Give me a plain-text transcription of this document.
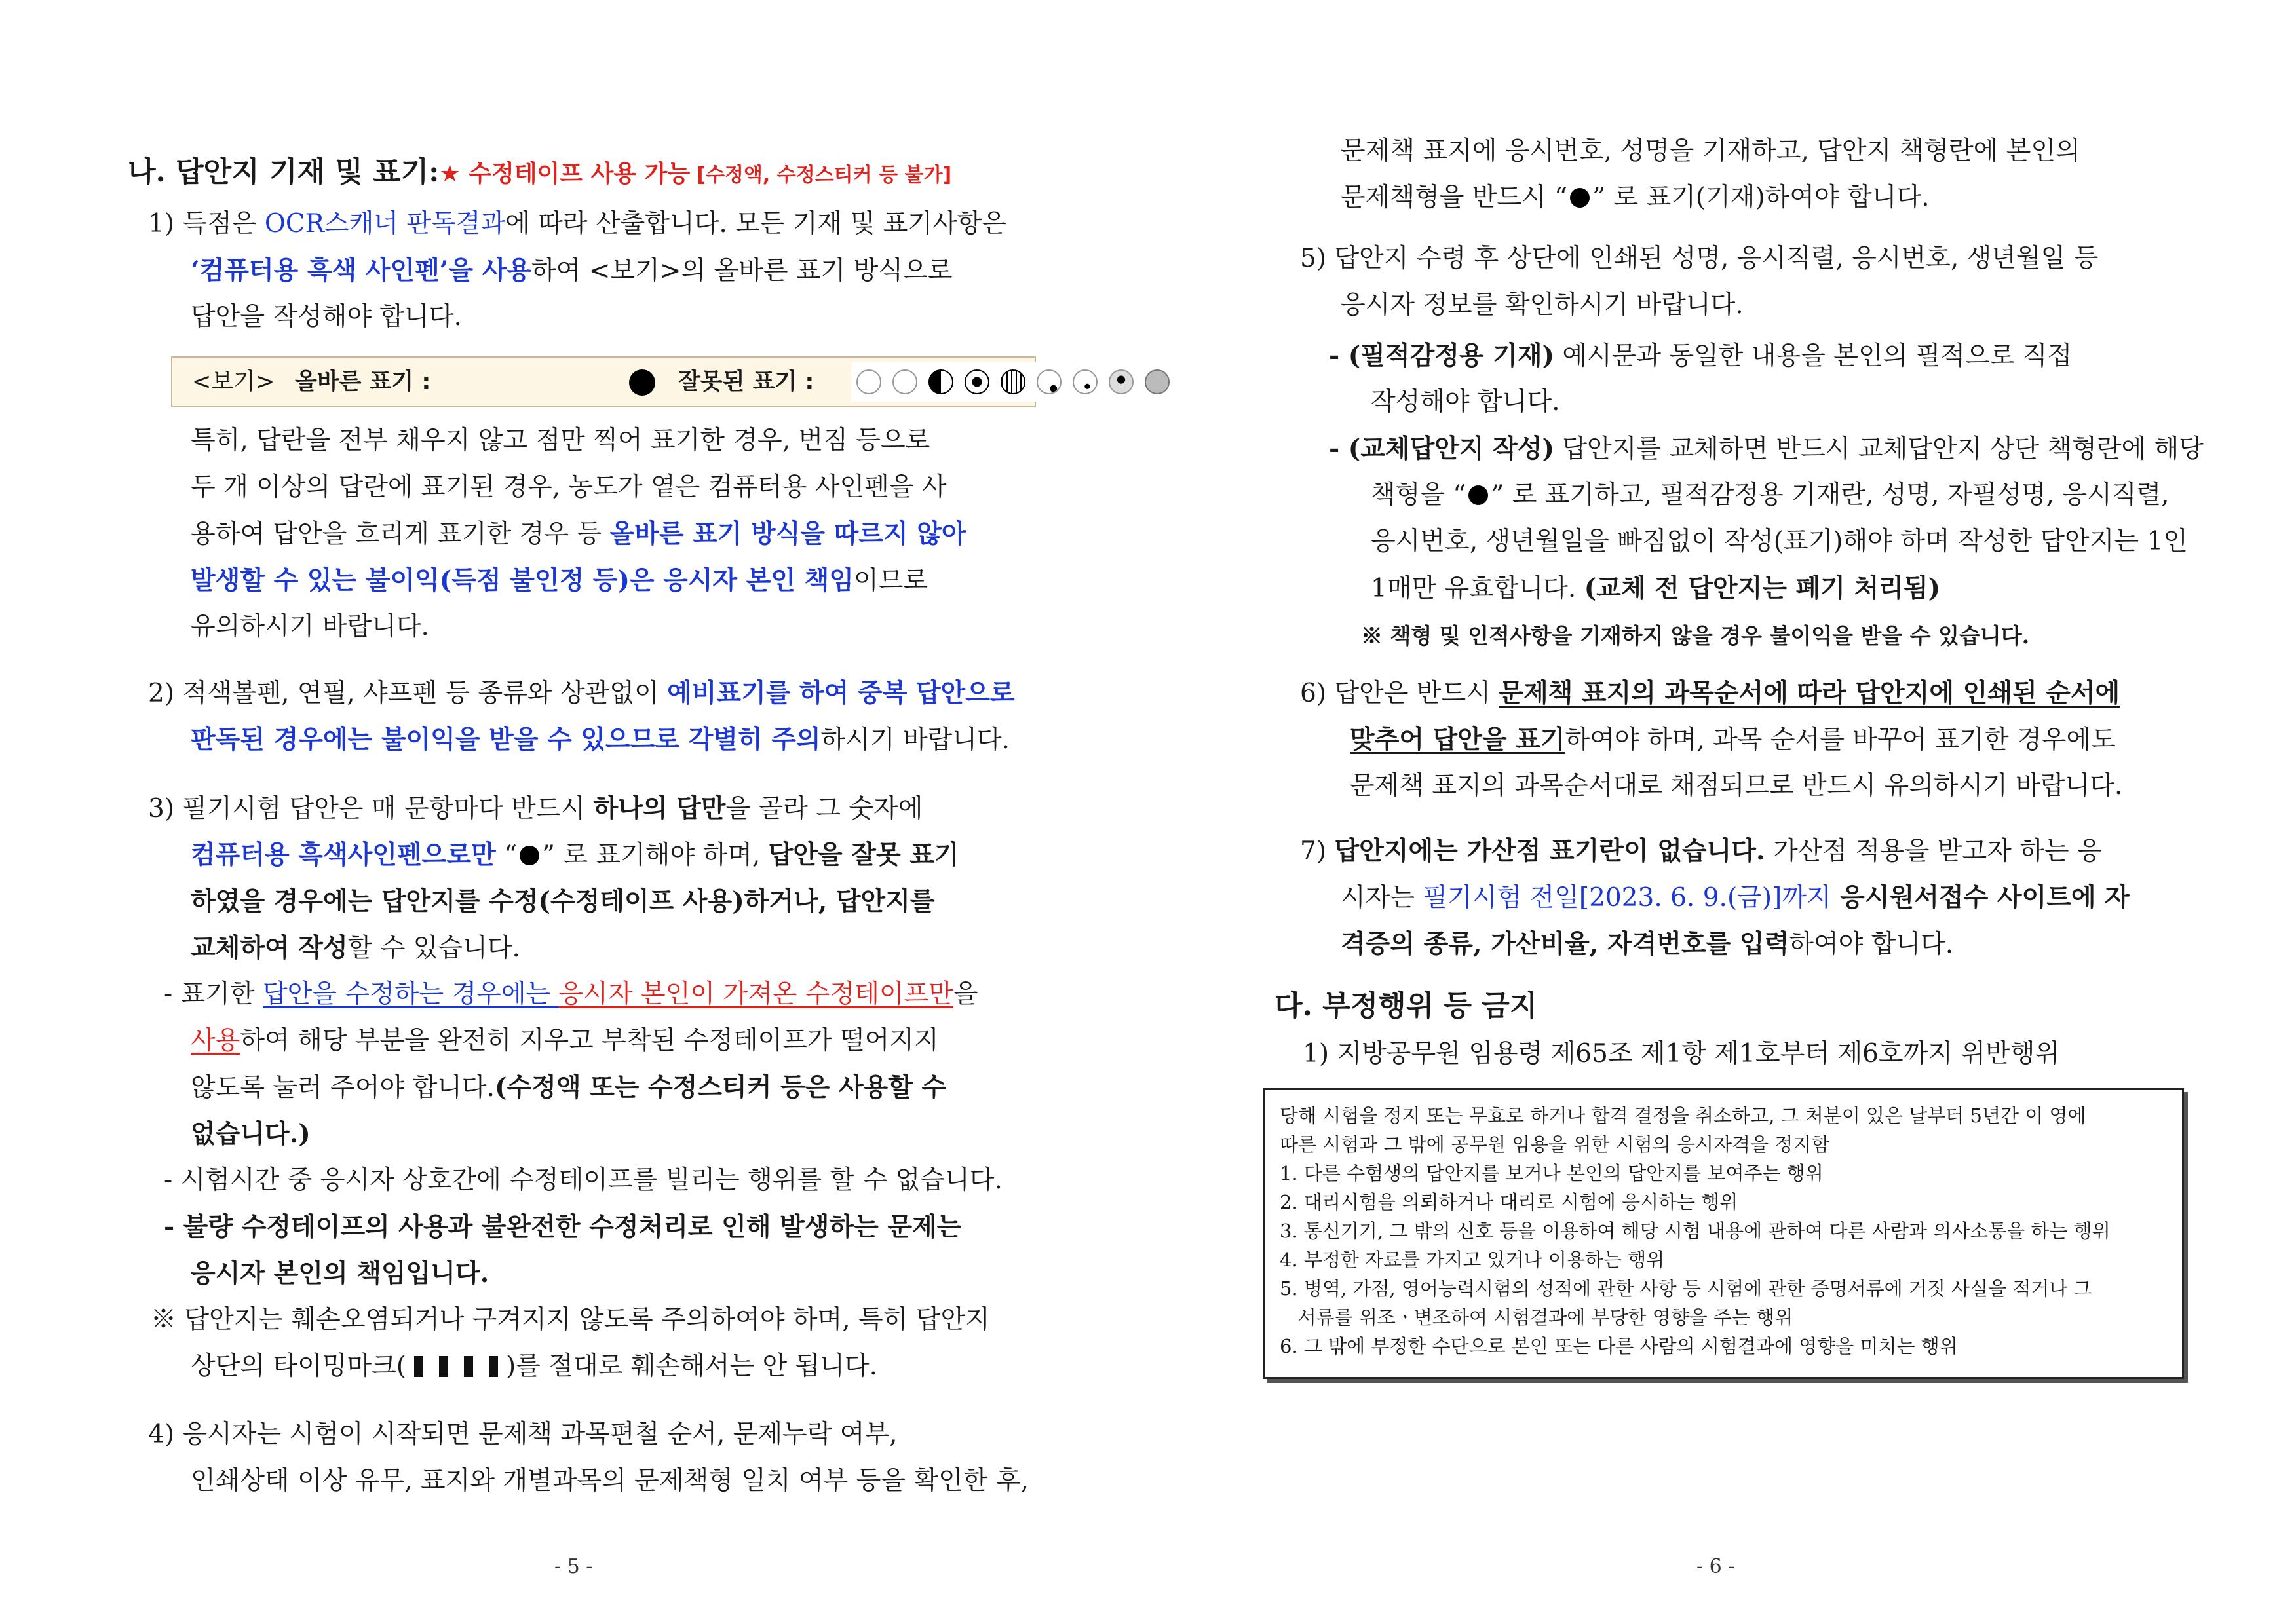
나. 답안지 기재 및 표기:★ 수정테이프 사용 가능 [수정액, 수정스티커 등 불가]
1) 득점은 OCR스캐너 판독결과에 따라 산출합니다. 모든 기재 및 표기사항은
‘컴퓨터용 흑색 사인펜’을 사용하여 <보기>의 올바른 표기 방식으로
답안을 작성해야 합니다.
<보기> 올바른 표기 :	잘못된 표기 :
특히, 답란을 전부 채우지 않고 점만 찍어 표기한 경우, 번짐 등으로
두 개 이상의 답란에 표기된 경우, 농도가 옅은 컴퓨터용 사인펜을 사
용하여 답안을 흐리게 표기한 경우 등 올바른 표기 방식을 따르지 않아
발생할 수 있는 불이익(득점 불인정 등)은 응시자 본인 책임이므로
유의하시기 바랍니다.
2) 적색볼펜, 연필, 샤프펜 등 종류와 상관없이 예비표기를 하여 중복 답안으로
판독된 경우에는 불이익을 받을 수 있으므로 각별히 주의하시기 바랍니다.
3) 필기시험 답안은 매 문항마다 반드시 하나의 답만을 골라 그 숫자에
컴퓨터용 흑색사인펜으로만 “ ” 로 표기해야 하며, 답안을 잘못 표기
하였을 경우에는 답안지를 수정(수정테이프 사용)하거나, 답안지를
교체하여 작성할 수 있습니다.
- 표기한 답안을 수정하는 경우에는 응시자 본인이 가져온 수정테이프만을
사용하여 해당 부분을 완전히 지우고 부착된 수정테이프가 떨어지지
않도록 눌러 주어야 합니다.(수정액 또는 수정스티커 등은 사용할 수
없습니다.)
- 시험시간 중 응시자 상호간에 수정테이프를 빌리는 행위를 할 수 없습니다.
- 불량 수정테이프의 사용과 불완전한 수정처리로 인해 발생하는 문제는
응시자 본인의 책임입니다.
※ 답안지는 훼손오염되거나 구겨지지 않도록 주의하여야 하며, 특히 답안지
상단의 타이밍마크(	)를 절대로 훼손해서는 안 됩니다.
4) 응시자는 시험이 시작되면 문제책 과목편철 순서, 문제누락 여부,
인쇄상태 이상 유무, 표지와 개별과목의 문제책형 일치 여부 등을 확인한 후,
- 5 -
문제책 표지에 응시번호, 성명을 기재하고, 답안지 책형란에 본인의
문제책형을 반드시 “ ” 로 표기(기재)하여야 합니다.
5) 답안지 수령 후 상단에 인쇄된 성명, 응시직렬, 응시번호, 생년월일 등
응시자 정보를 확인하시기 바랍니다.
- (필적감정용 기재) 예시문과 동일한 내용을 본인의 필적으로 직접
작성해야 합니다.
- (교체답안지 작성) 답안지를 교체하면 반드시 교체답안지 상단 책형란에 해당
책형을 “ ” 로 표기하고, 필적감정용 기재란, 성명, 자필성명, 응시직렬,
응시번호, 생년월일을 빠짐없이 작성(표기)해야 하며 작성한 답안지는 1인
1매만 유효합니다. (교체 전 답안지는 폐기 처리됨)
※ 책형 및 인적사항을 기재하지 않을 경우 불이익을 받을 수 있습니다.
6) 답안은 반드시 문제책 표지의 과목순서에 따라 답안지에 인쇄된 순서에
맞추어 답안을 표기하여야 하며, 과목 순서를 바꾸어 표기한 경우에도
문제책 표지의 과목순서대로 채점되므로 반드시 유의하시기 바랍니다.
7) 답안지에는 가산점 표기란이 없습니다. 가산점 적용을 받고자 하는 응
시자는 필기시험 전일[2023. 6. 9.(금)]까지 응시원서접수 사이트에 자
격증의 종류, 가산비율, 자격번호를 입력하여야 합니다.
다. 부정행위 등 금지
1) 지방공무원 임용령 제65조 제1항 제1호부터 제6호까지 위반행위
당해 시험을 정지 또는 무효로 하거나 합격 결정을 취소하고, 그 처분이 있은 날부터 5년간 이 영에
따른 시험과 그 밖에 공무원 임용을 위한 시험의 응시자격을 정지함
1. 다른 수험생의 답안지를 보거나 본인의 답안지를 보여주는 행위
2. 대리시험을 의뢰하거나 대리로 시험에 응시하는 행위
3. 통신기기, 그 밖의 신호 등을 이용하여 해당 시험 내용에 관하여 다른 사람과 의사소통을 하는 행위
4. 부정한 자료를 가지고 있거나 이용하는 행위
5. 병역, 가점, 영어능력시험의 성적에 관한 사항 등 시험에 관한 증명서류에 거짓 사실을 적거나 그
서류를 위조ㆍ변조하여 시험결과에 부당한 영향을 주는 행위
6. 그 밖에 부정한 수단으로 본인 또는 다른 사람의 시험결과에 영향을 미치는 행위
- 6 -
